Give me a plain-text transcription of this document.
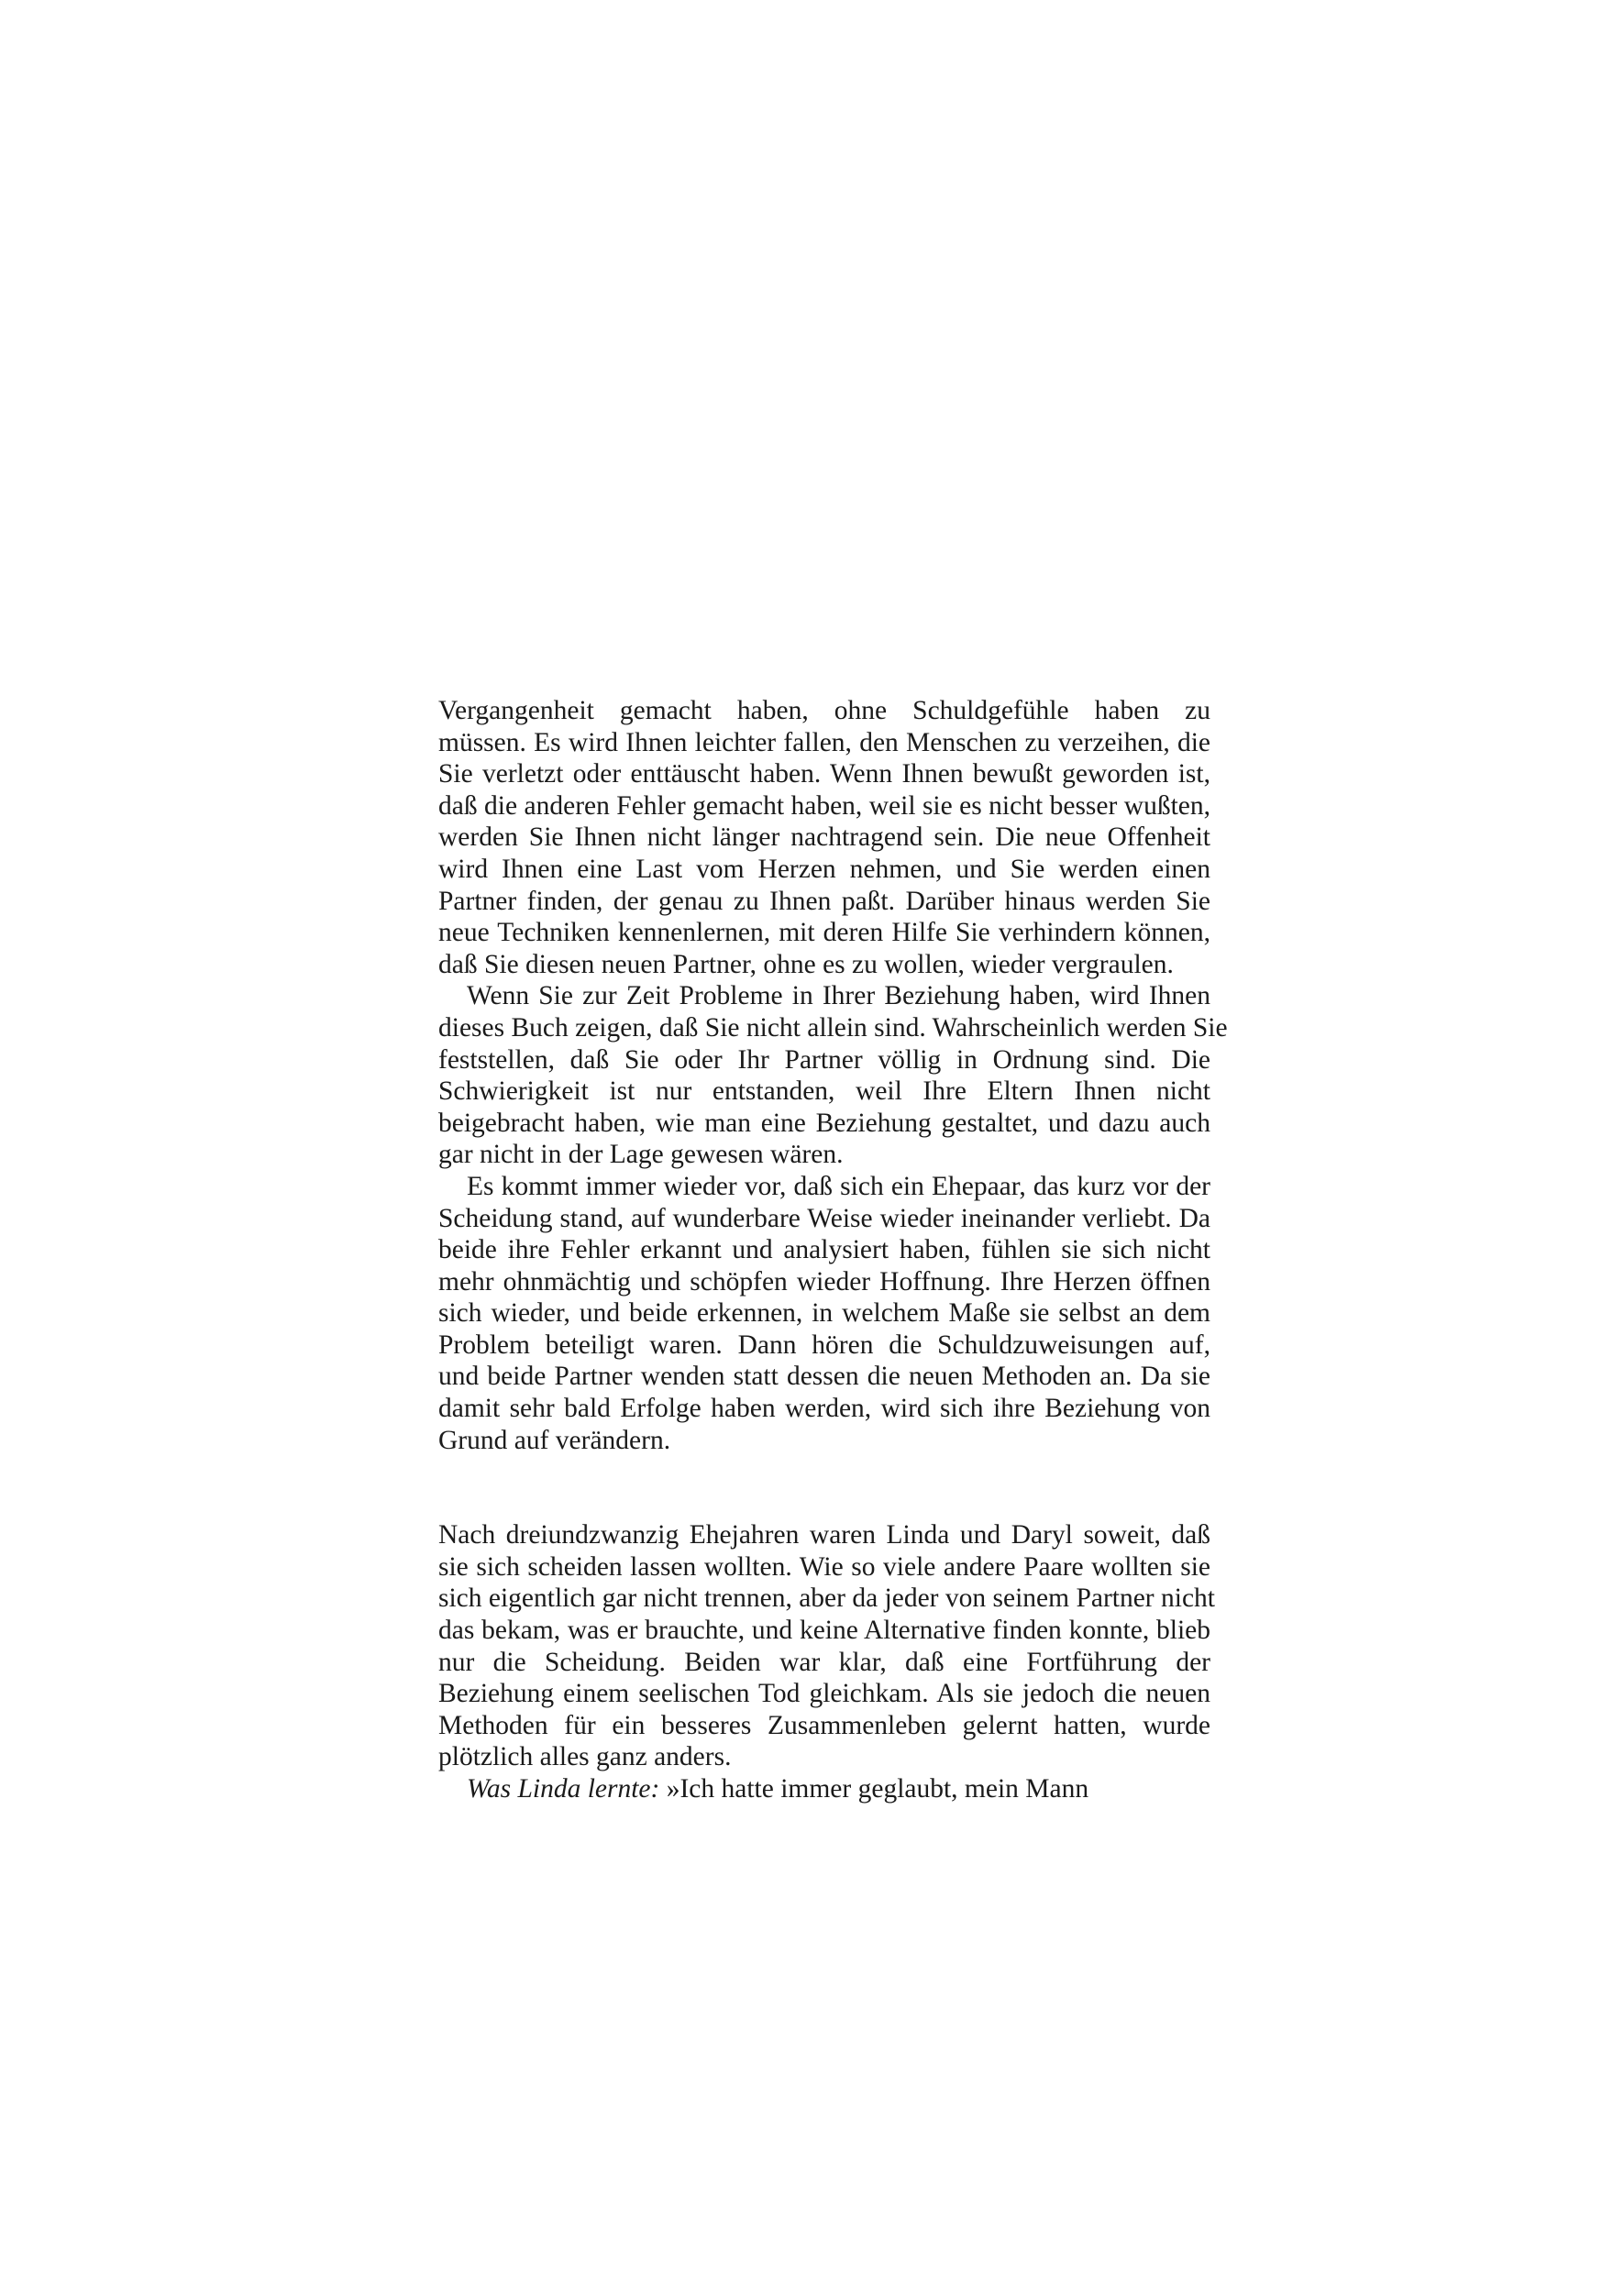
Vergangenheit gemacht haben, ohne Schuldgefühle haben zu
müssen. Es wird Ihnen leichter fallen, den Menschen zu verzeihen, die
Sie verletzt oder enttäuscht haben. Wenn Ihnen bewußt geworden ist,
daß die anderen Fehler gemacht haben, weil sie es nicht besser wußten,
werden Sie Ihnen nicht länger nachtragend sein. Die neue Offenheit
wird Ihnen eine Last vom Herzen nehmen, und Sie werden einen
Partner finden, der genau zu Ihnen paßt. Darüber hinaus werden Sie
neue Techniken kennenlernen, mit deren Hilfe Sie verhindern können,
daß Sie diesen neuen Partner, ohne es zu wollen, wieder vergraulen.
Wenn Sie zur Zeit Probleme in Ihrer Beziehung haben, wird Ihnen
dieses Buch zeigen, daß Sie nicht allein sind. Wahrscheinlich werden Sie
feststellen, daß Sie oder Ihr Partner völlig in Ordnung sind. Die
Schwierigkeit ist nur entstanden, weil Ihre Eltern Ihnen nicht
beigebracht haben, wie man eine Beziehung gestaltet, und dazu auch
gar nicht in der Lage gewesen wären.
Es kommt immer wieder vor, daß sich ein Ehepaar, das kurz vor der
Scheidung stand, auf wunderbare Weise wieder ineinander verliebt. Da
beide ihre Fehler erkannt und analysiert haben, fühlen sie sich nicht
mehr ohnmächtig und schöpfen wieder Hoffnung. Ihre Herzen öffnen
sich wieder, und beide erkennen, in welchem Maße sie selbst an dem
Problem beteiligt waren. Dann hören die Schuldzuweisungen auf,
und beide Partner wenden statt dessen die neuen Methoden an. Da sie
damit sehr bald Erfolge haben werden, wird sich ihre Beziehung von
Grund auf verändern.
Nach dreiundzwanzig Ehejahren waren Linda und Daryl soweit, daß
sie sich scheiden lassen wollten. Wie so viele andere Paare wollten sie
sich eigentlich gar nicht trennen, aber da jeder von seinem Partner nicht
das bekam, was er brauchte, und keine Alternative finden konnte, blieb
nur die Scheidung. Beiden war klar, daß eine Fortführung der
Beziehung einem seelischen Tod gleichkam. Als sie jedoch die neuen
Methoden für ein besseres Zusammenleben gelernt hatten, wurde
plötzlich alles ganz anders.
Was Linda lernte: »Ich hatte immer geglaubt, mein Mann
